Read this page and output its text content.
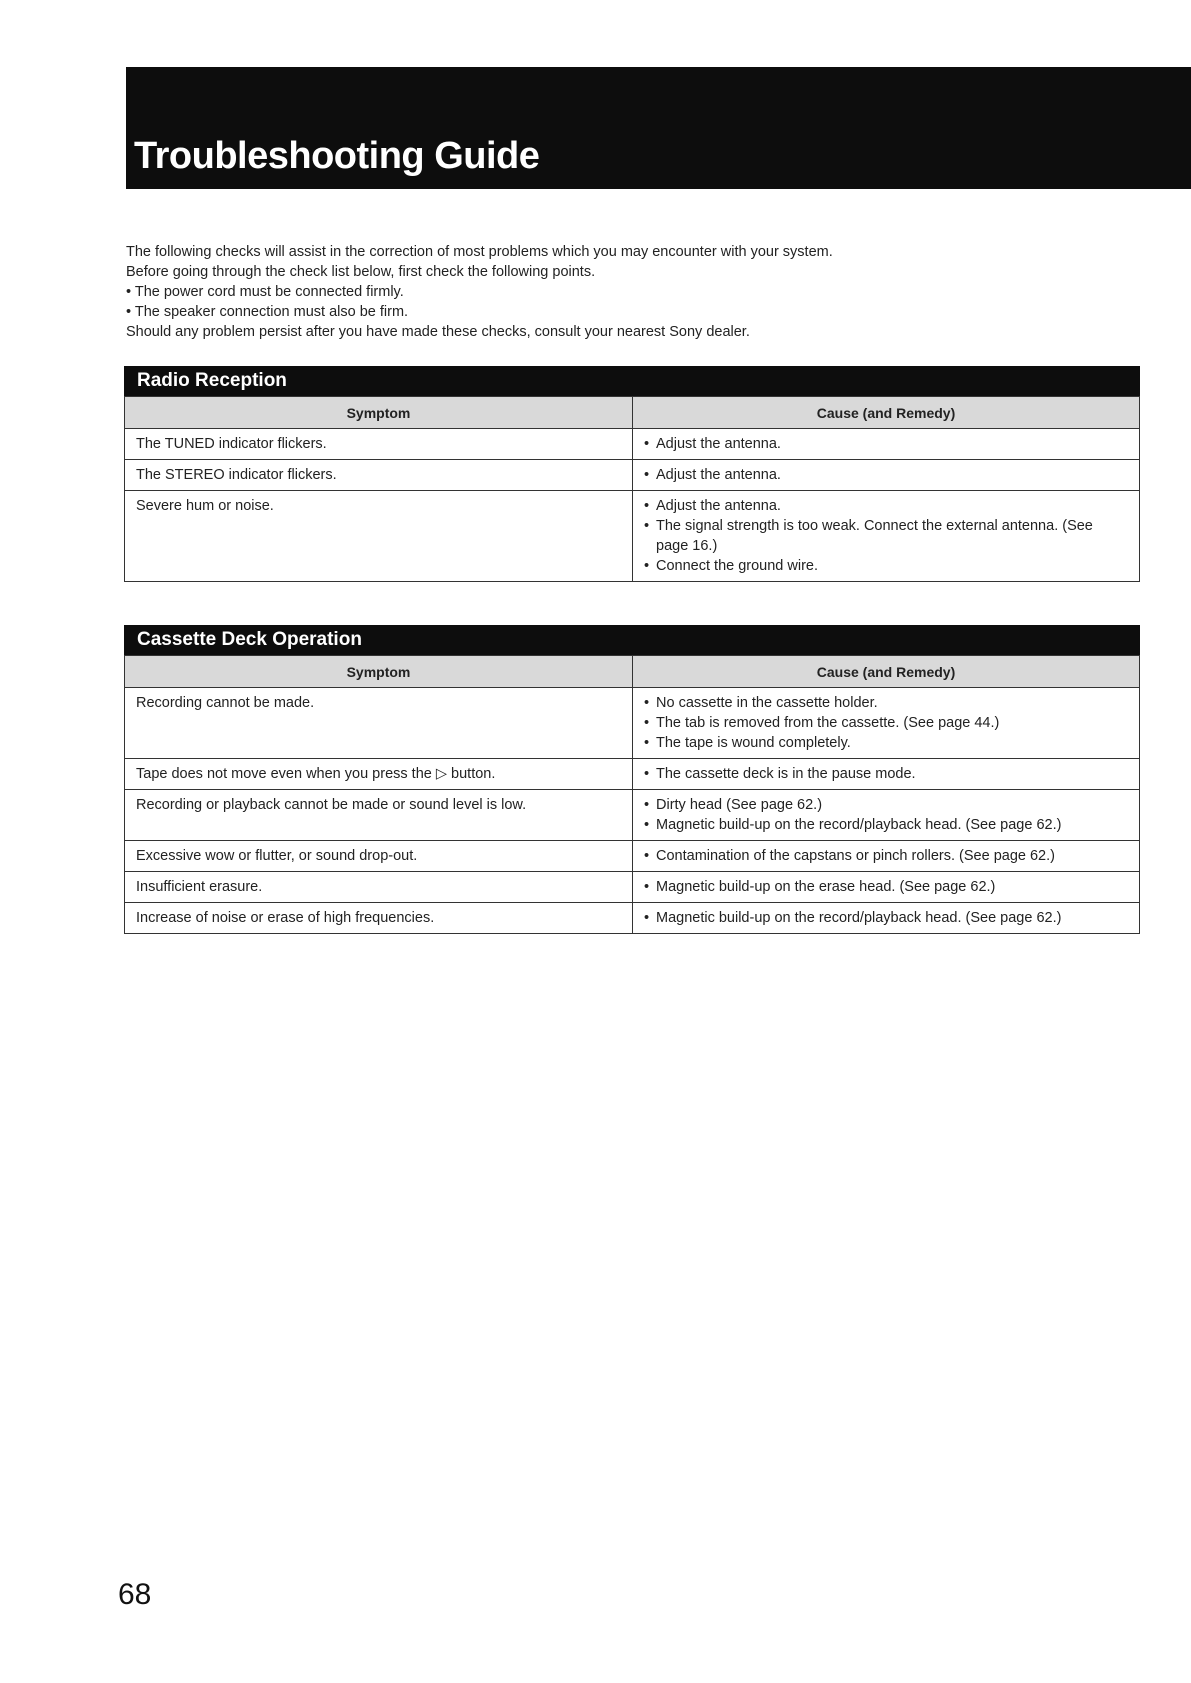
Troubleshooting Guide
The following checks will assist in the correction of most problems which you may encounter with your system.
Before going through the check list below, first check the following points.
• The power cord must be connected firmly.
• The speaker connection must also be firm.
Should any problem persist after you have made these checks, consult your nearest Sony dealer.
Radio Reception
Symptom	Cause (and Remedy)
The TUNED indicator flickers.	• Adjust the antenna.

The STEREO indicator flickers.	• Adjust the antenna.

Severe hum or noise.	• Adjust the antenna.
• The signal strength is too weak. Connect the external antenna. (See page 16.)
• Connect the ground wire.
Cassette Deck Operation
Symptom	Cause (and Remedy)
Recording cannot be made.	• No cassette in the cassette holder.
• The tab is removed from the cassette. (See page 44.)
• The tape is wound completely.

Tape does not move even when you press the ▷ button.	• The cassette deck is in the pause mode.

Recording or playback cannot be made or sound level is low.	• Dirty head (See page 62.)
• Magnetic build-up on the record/playback head. (See page 62.)

Excessive wow or flutter, or sound drop-out.	• Contamination of the capstans or pinch rollers. (See page 62.)

Insufficient erasure.	• Magnetic build-up on the erase head. (See page 62.)

Increase of noise or erase of high frequencies.	• Magnetic build-up on the record/playback head. (See page 62.)
68
